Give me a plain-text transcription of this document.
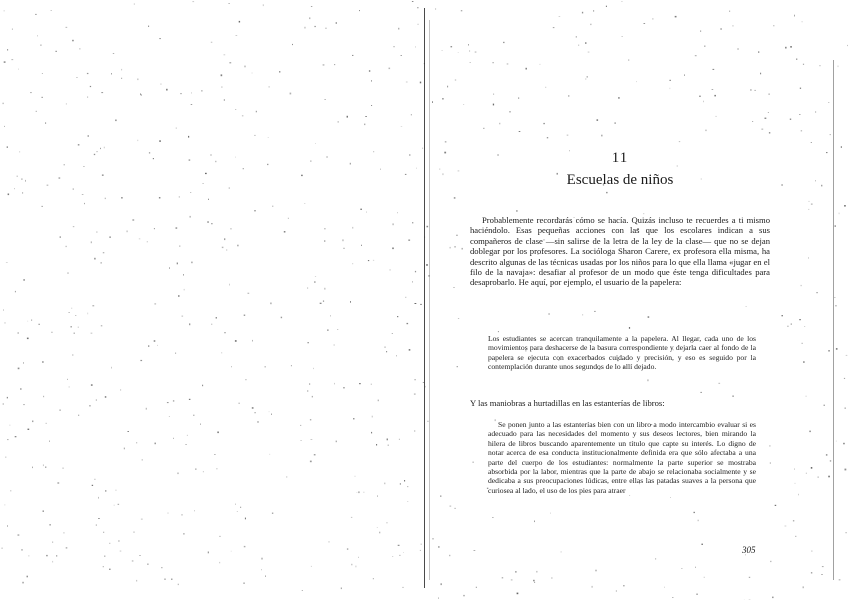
11
Escuelas de niños
Probablemente recordarás cómo se hacía. Quizás incluso te recuerdes a ti mismo haciéndolo. Esas pequeñas acciones con las que los escolares indican a sus compañeros de clase —sin salirse de la letra de la ley de la clase— que no se dejan doblegar por los profesores. La socióloga Sharon Carere, ex profesora ella misma, ha descrito algunas de las técnicas usadas por los niños para lo que ella llama «jugar en el filo de la navaja»: desafiar al profesor de un modo que éste tenga dificultades para desaprobarlo. He aquí, por ejemplo, el usuario de la papelera:
Los estudiantes se acercan tranquilamente a la papelera. Al llegar, cada uno de los movimientos para deshacerse de la basura correspondiente y dejarla caer al fondo de la papelera se ejecuta con exacerbados cuidado y precisión, y eso es seguido por la contemplación durante unos segundos de lo allí dejado.
Y las maniobras a hurtadillas en las estanterías de libros:
Se ponen junto a las estanterías bien con un libro a modo intercambio evaluar si es adecuado para las necesidades del momento y sus deseos lectores, bien mirando la hilera de libros buscando aparentemente un título que capte su interés. Lo digno de notar acerca de esa conducta institucionalmente definida era que sólo afectaba a una parte del cuerpo de los estudiantes: normalmente la parte superior se mostraba absorbida por la labor, mientras que la parte de abajo se relacionaba socialmente y se dedicaba a sus preocupaciones lúdicas, entre ellas las patadas suaves a la persona que curiosea al lado, el uso de los pies para atraer
305
